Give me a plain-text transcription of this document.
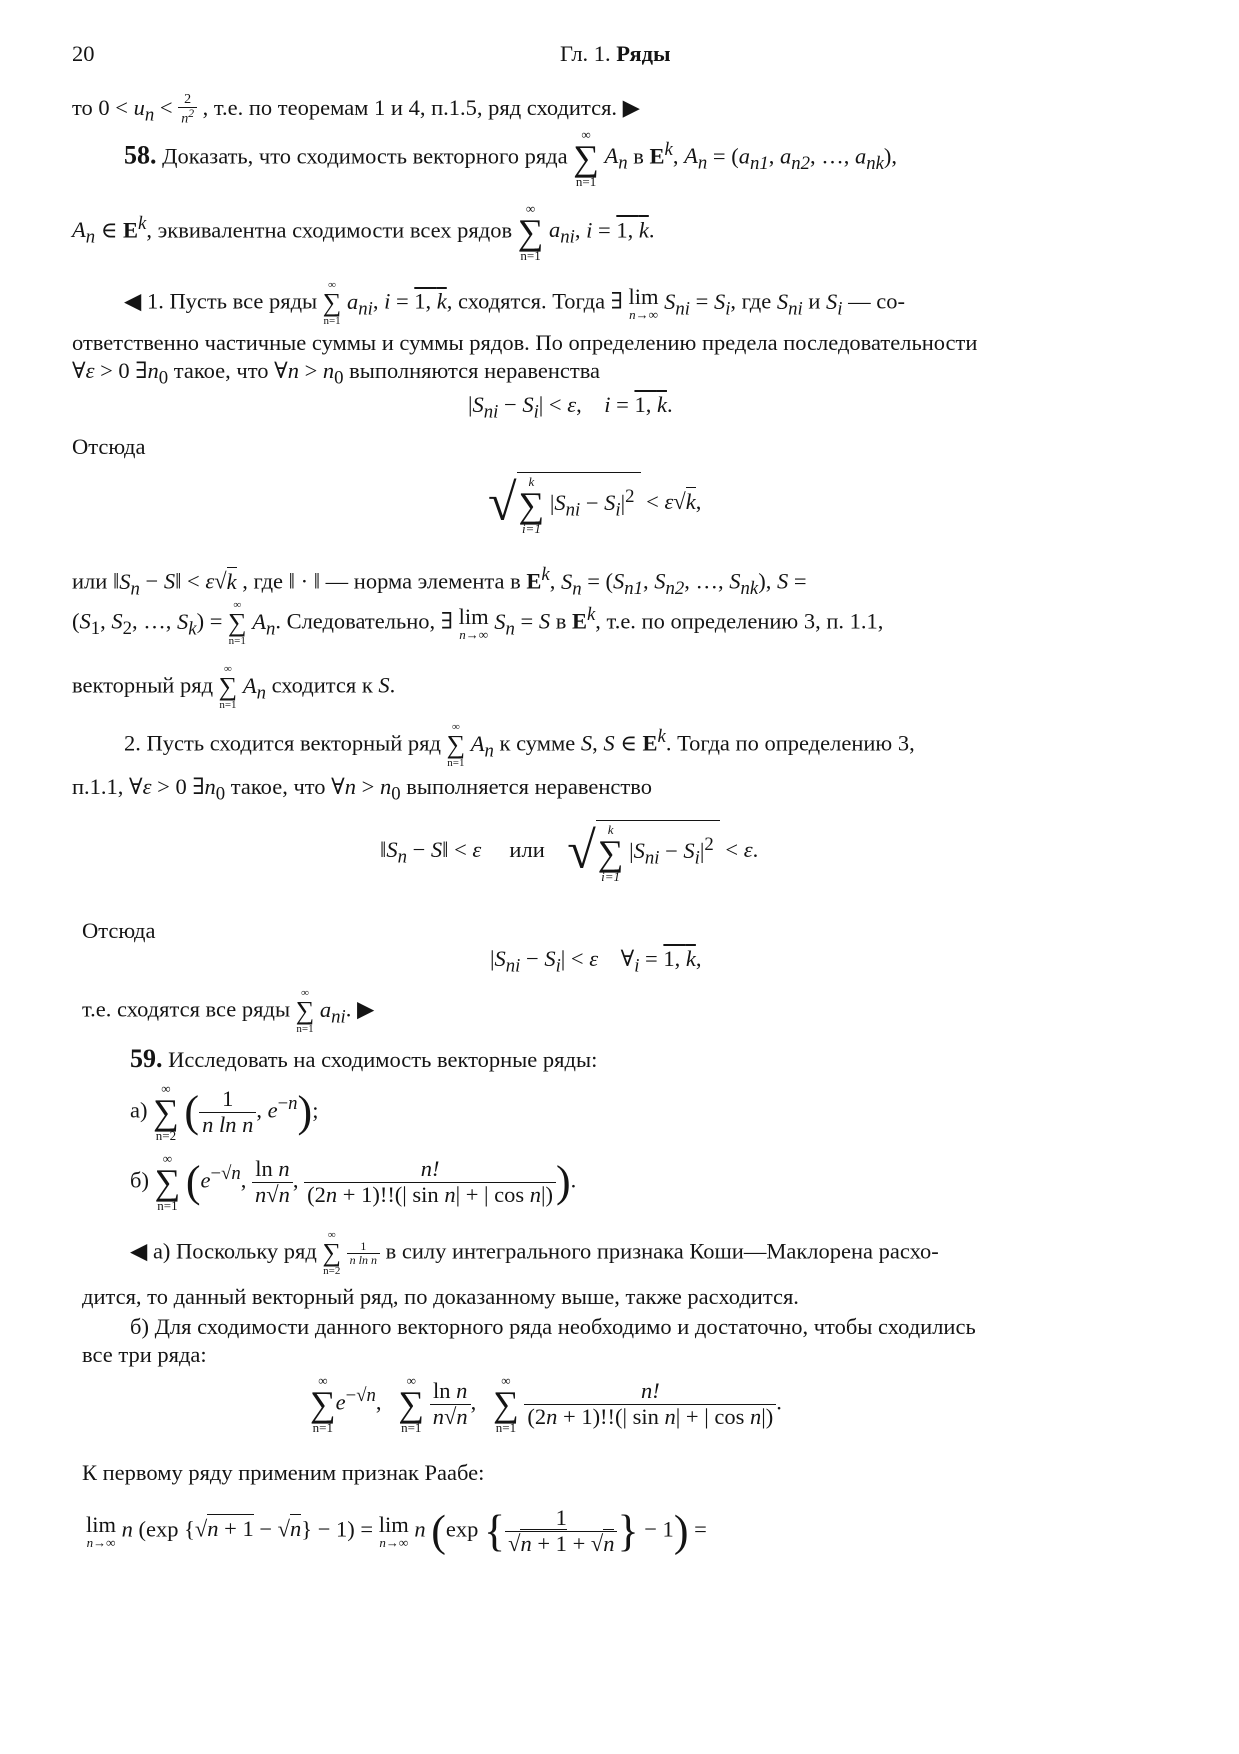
20	Гл. 1. Ряды
то $0 < u_n < \frac{2}{n^2}$ , т.е. по теоремам 1 и 4, п.1.5, ряд сходится. ▶
58. Доказать, что сходимость векторного ряда
∞
∑
n=1
$A_n$ в $E^k$, $A_n = (a_{n1}$, $a_{n2}$, …, $a_{nk}$),
$A_n$ ∈ $E^k$, эквивалентна сходимости всех рядов
∞
∑
n=1
$a_{ni}$, i = 1, k.
◀ 1. Пусть все ряды
∞
∑
n=1
$a_{ni}$, i = 1, k, сходятся. Тогда ∃ lim
n→∞
$S_{ni} = S_i$, где $S_{ni}$ и $S_i$ — со-
ответственно частичные суммы и суммы рядов. По определению предела последовательности
∀ε > 0 $\exists n_0$ такое, что ∀n > $n_0$ выполняются неравенства
$|S_{ni} - S_i| < \varepsilon$,    i = 1, k.
Отсюда
√ k
∑
i=1
$|S_{ni} - S_i|^2 < \varepsilon√k$,
или $‖S_n$ − S‖ < ε√k , где ‖ · ‖ — норма элемента в $E^k$, $S_n = (S_{n1}$, $S_{n2}$, …, $S_{nk}$), S =
($S_1$, $S_2$, …, $S_k$) =
∞
∑
n=1
$A_n$. Следовательно, ∃ lim
n→∞
$S_n = S$ в $E^k$, т.е. по определению 3, п. 1.1,
векторный ряд
∞
∑
n=1
$A_n$ сходится к S.
2. Пусть сходится векторный ряд
∞
∑
n=1
$A_n$ к сумме S, S ∈ $E^k$. Тогда по определению 3,
п.1.1, ∀ε > 0 $\exists n_0$ такое, что ∀n > $n_0$ выполняется неравенство
$‖S_n$ − S‖ < ε или √ k
∑
i=1
$|S_{ni} - S_i|^2 < \varepsilon$.
Отсюда
$|S_{ni} - S_i| < \varepsilon$    $\forall_i = 1$, k,
т.е. сходятся все ряды
∞
∑
n=1
$a_{ni}$. ▶
59. Исследовать на сходимость векторные ряды:
а)
∞
∑
n=2 ( $\frac{1}{\text{n ln n}}$ , $e^{-n}$);
б)
∞
∑
n=1 ($e^{-√n}$, $\frac{\text{ln n}}{n√n}$ , $\frac{n!}{\text{(2n + 1)!!(| sin n| + | cos n|)}}$ ).
◀ а) Поскольку ряд
∞
∑
n=2

$\frac{1}{\text{n ln n}}$ в силу интегрального признака Коши—Маклорена расхо-
дится, то данный векторный ряд, по доказанному выше, также расходится.
б) Для сходимости данного векторного ряда необходимо и достаточно, чтобы сходились
все три ряда:
∞
∑
n=1
$e^{-√n}$,
∞
∑
n=1
$\frac{\text{ln n}}{n√n}$ ,
∞
∑
n=1
$\frac{n!}{\text{(2n + 1)!!(| sin n| + | cos n|)}}$ .
К первому ряду применим признак Раабе:
lim
n→∞
n (exp {√n + 1 − √n} − 1) = lim
n→∞
n (exp { $\frac{1}{√n + 1 + √n}$ } − 1) =
